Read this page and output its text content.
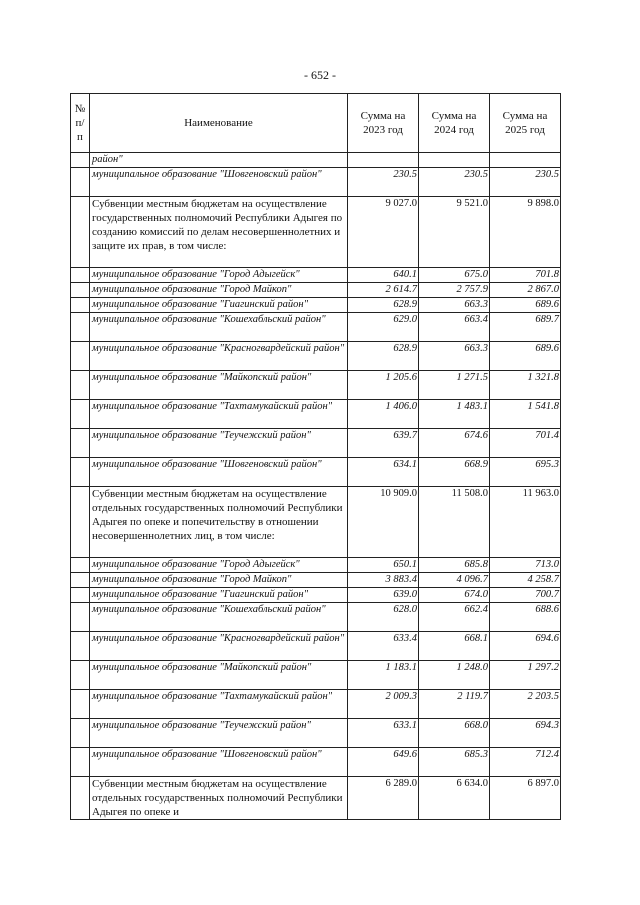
- 652 -
№ п/п	Наименование	Сумма на 2023 год	Сумма на 2024 год	Сумма на 2025 год
	район"			
	муниципальное образование "Шовгеновский район"	230.5	230.5	230.5
	Субвенции местным бюджетам на осуществление государственных полномочий Республики Адыгея по созданию комиссий по делам несовершеннолетних и защите их прав, в том числе:	9 027.0	9 521.0	9 898.0
	муниципальное образование "Город Адыгейск"	640.1	675.0	701.8
	муниципальное образование "Город Майкоп"	2 614.7	2 757.9	2 867.0
	муниципальное образование "Гиагинский район"	628.9	663.3	689.6
	муниципальное образование "Кошехабльский район"	629.0	663.4	689.7
	муниципальное образование "Красногвардейский район"	628.9	663.3	689.6
	муниципальное образование "Майкопский район"	1 205.6	1 271.5	1 321.8
	муниципальное образование "Тахтамукайский район"	1 406.0	1 483.1	1 541.8
	муниципальное образование "Теучежский район"	639.7	674.6	701.4
	муниципальное образование "Шовгеновский район"	634.1	668.9	695.3
	Субвенции местным бюджетам на осуществление отдельных государственных полномочий Республики Адыгея по опеке и попечительству в отношении несовершеннолетних лиц, в том числе:	10 909.0	11 508.0	11 963.0
	муниципальное образование "Город Адыгейск"	650.1	685.8	713.0
	муниципальное образование "Город Майкоп"	3 883.4	4 096.7	4 258.7
	муниципальное образование "Гиагинский район"	639.0	674.0	700.7
	муниципальное образование "Кошехабльский район"	628.0	662.4	688.6
	муниципальное образование "Красногвардейский район"	633.4	668.1	694.6
	муниципальное образование "Майкопский район"	1 183.1	1 248.0	1 297.2
	муниципальное образование "Тахтамукайский район"	2 009.3	2 119.7	2 203.5
	муниципальное образование "Теучежский район"	633.1	668.0	694.3
	муниципальное образование "Шовгеновский район"	649.6	685.3	712.4
	Субвенции местным бюджетам на осуществление отдельных государственных полномочий Республики Адыгея по опеке и	6 289.0	6 634.0	6 897.0
